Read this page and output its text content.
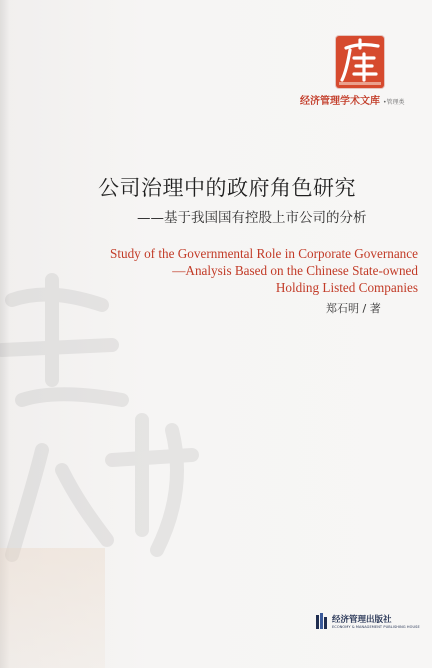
经济管理学术文库 •管理类
公司治理中的政府角色研究
——基于我国国有控股上市公司的分析
Study of the Governmental Role in Corporate Governance
—Analysis Based on the Chinese State-owned
Holding Listed Companies
郑石明 / 著
经济管理出版社
ECONOMY & MANAGEMENT PUBLISHING HOUSE
